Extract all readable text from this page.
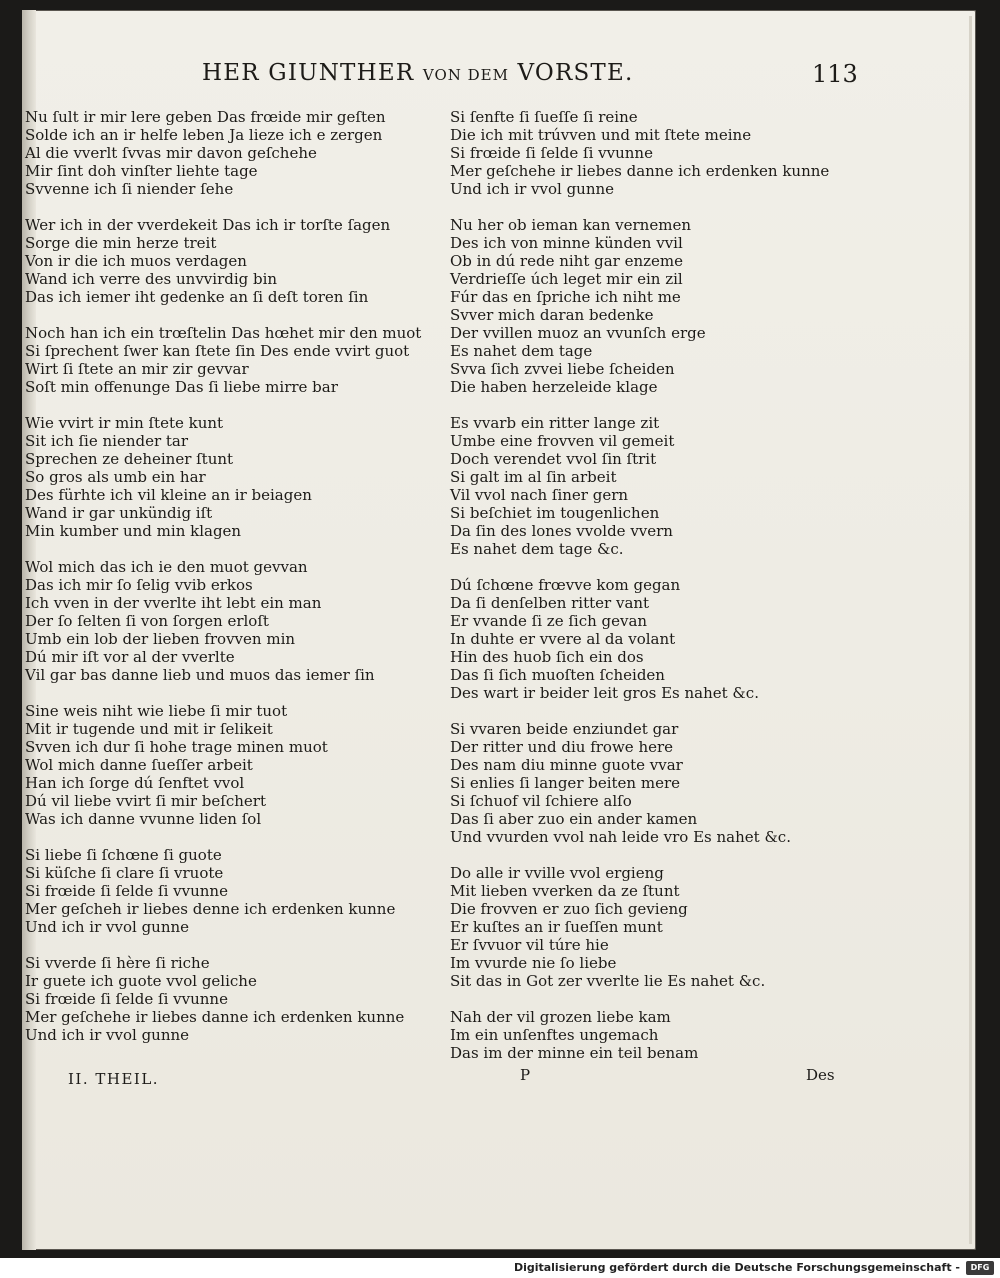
HER GIUNTHER VON DEM VORSTE.	113
Nu ſult ir mir lere geben Das frœide mir geſten
Solde ich an ir helfe leben Ja lieze ich e zergen
Al die vverlt ſvvas mir davon geſchehe
Mir ſint doh vinſter liehte tage
Svvenne ich ſi niender ſehe
Wer ich in der vverdekeit Das ich ir torſte ſagen
Sorge die min herze treit
Von ir die ich muos verdagen
Wand ich verre des unvvirdig bin
Das ich iemer iht gedenke an ſi deſt toren ſin
Noch han ich ein trœſtelin Das hœhet mir den muot
Si ſprechent ſwer kan ſtete ſin Des ende vvirt guot
Wirt ſi ſtete an mir zir gevvar
Soſt min offenunge Das ſi liebe mirre bar
Wie vvirt ir min ſtete kunt
Sit ich ſie niender tar
Sprechen ze deheiner ſtunt
So gros als umb ein har
Des fürhte ich vil kleine an ir beiagen
Wand ir gar unkündig iſt
Min kumber und min klagen
Wol mich das ich ie den muot gevvan
Das ich mir ſo ſelig vvib erkos
Ich vven in der vverlte iht lebt ein man
Der ſo ſelten ſi von ſorgen erloſt
Umb ein lob der lieben frovven min
Dú mir iſt vor al der vverlte
Vil gar bas danne lieb und muos das iemer ſin
Sine weis niht wie liebe ſi mir tuot
Mit ir tugende und mit ir ſelikeit
Svven ich dur ſi hohe trage minen muot
Wol mich danne ſueſſer arbeit
Han ich ſorge dú ſenftet vvol
Dú vil liebe vvirt ſi mir beſchert
Was ich danne vvunne liden ſol
Si liebe ſi ſchœne ſi guote
Si küſche ſi clare ſi vruote
Si frœide ſi ſelde ſi vvunne
Mer geſcheh ir liebes denne ich erdenken kunne
Und ich ir vvol gunne
Si vverde ſi hère ſi riche
Ir guete ich guote vvol geliche
Si frœide ſi ſelde ſi vvunne
Mer geſchehe ir liebes danne ich erdenken kunne
Und ich ir vvol gunne
Si ſenfte ſi ſueſſe ſi reine
Die ich mit trúvven und mit ſtete meine
Si frœide ſi ſelde ſi vvunne
Mer geſchehe ir liebes danne ich erdenken kunne
Und ich ir vvol gunne
Nu her ob ieman kan vernemen
Des ich von minne künden vvil
Ob in dú rede niht gar enzeme
Verdrieſſe úch leget mir ein zil
Fúr das en ſpriche ich niht me
Svver mich daran bedenke
Der vvillen muoz an vvunſch erge
Es nahet dem tage
Svva ſich zvvei liebe ſcheiden
Die haben herzeleide klage
Es vvarb ein ritter lange zit
Umbe eine frovven vil gemeit
Doch verendet vvol ſin ſtrit
Si galt im al ſin arbeit
Vil vvol nach ſiner gern
Si beſchiet im tougenlichen
Da ſin des lones vvolde vvern
Es nahet dem tage &c.
Dú ſchœne frœvve kom gegan
Da ſi denſelben ritter vant
Er vvande ſi ze ſich gevan
In duhte er vvere al da volant
Hin des huob ſich ein dos
Das ſi ſich muoſten ſcheiden
Des wart ir beider leit gros Es nahet &c.
Si vvaren beide enziundet gar
Der ritter und diu frowe here
Des nam diu minne guote vvar
Si enlies ſi langer beiten mere
Si ſchuof vil ſchiere alſo
Das ſi aber zuo ein ander kamen
Und vvurden vvol nah leide vro Es nahet &c.
Do alle ir vville vvol ergieng
Mit lieben vverken da ze ſtunt
Die frovven er zuo ſich gevieng
Er kuſtes an ir ſueſſen munt
Er ſvvuor vil túre hie
Im vvurde nie ſo liebe
Sit das in Got zer vverlte lie Es nahet &c.
Nah der vil grozen liebe kam
Im ein unſenftes ungemach
Das im der minne ein teil benam
II. THEIL.	P	Des
Digitalisierung gefördert durch die Deutsche Forschungsgemeinschaft -	DFG
